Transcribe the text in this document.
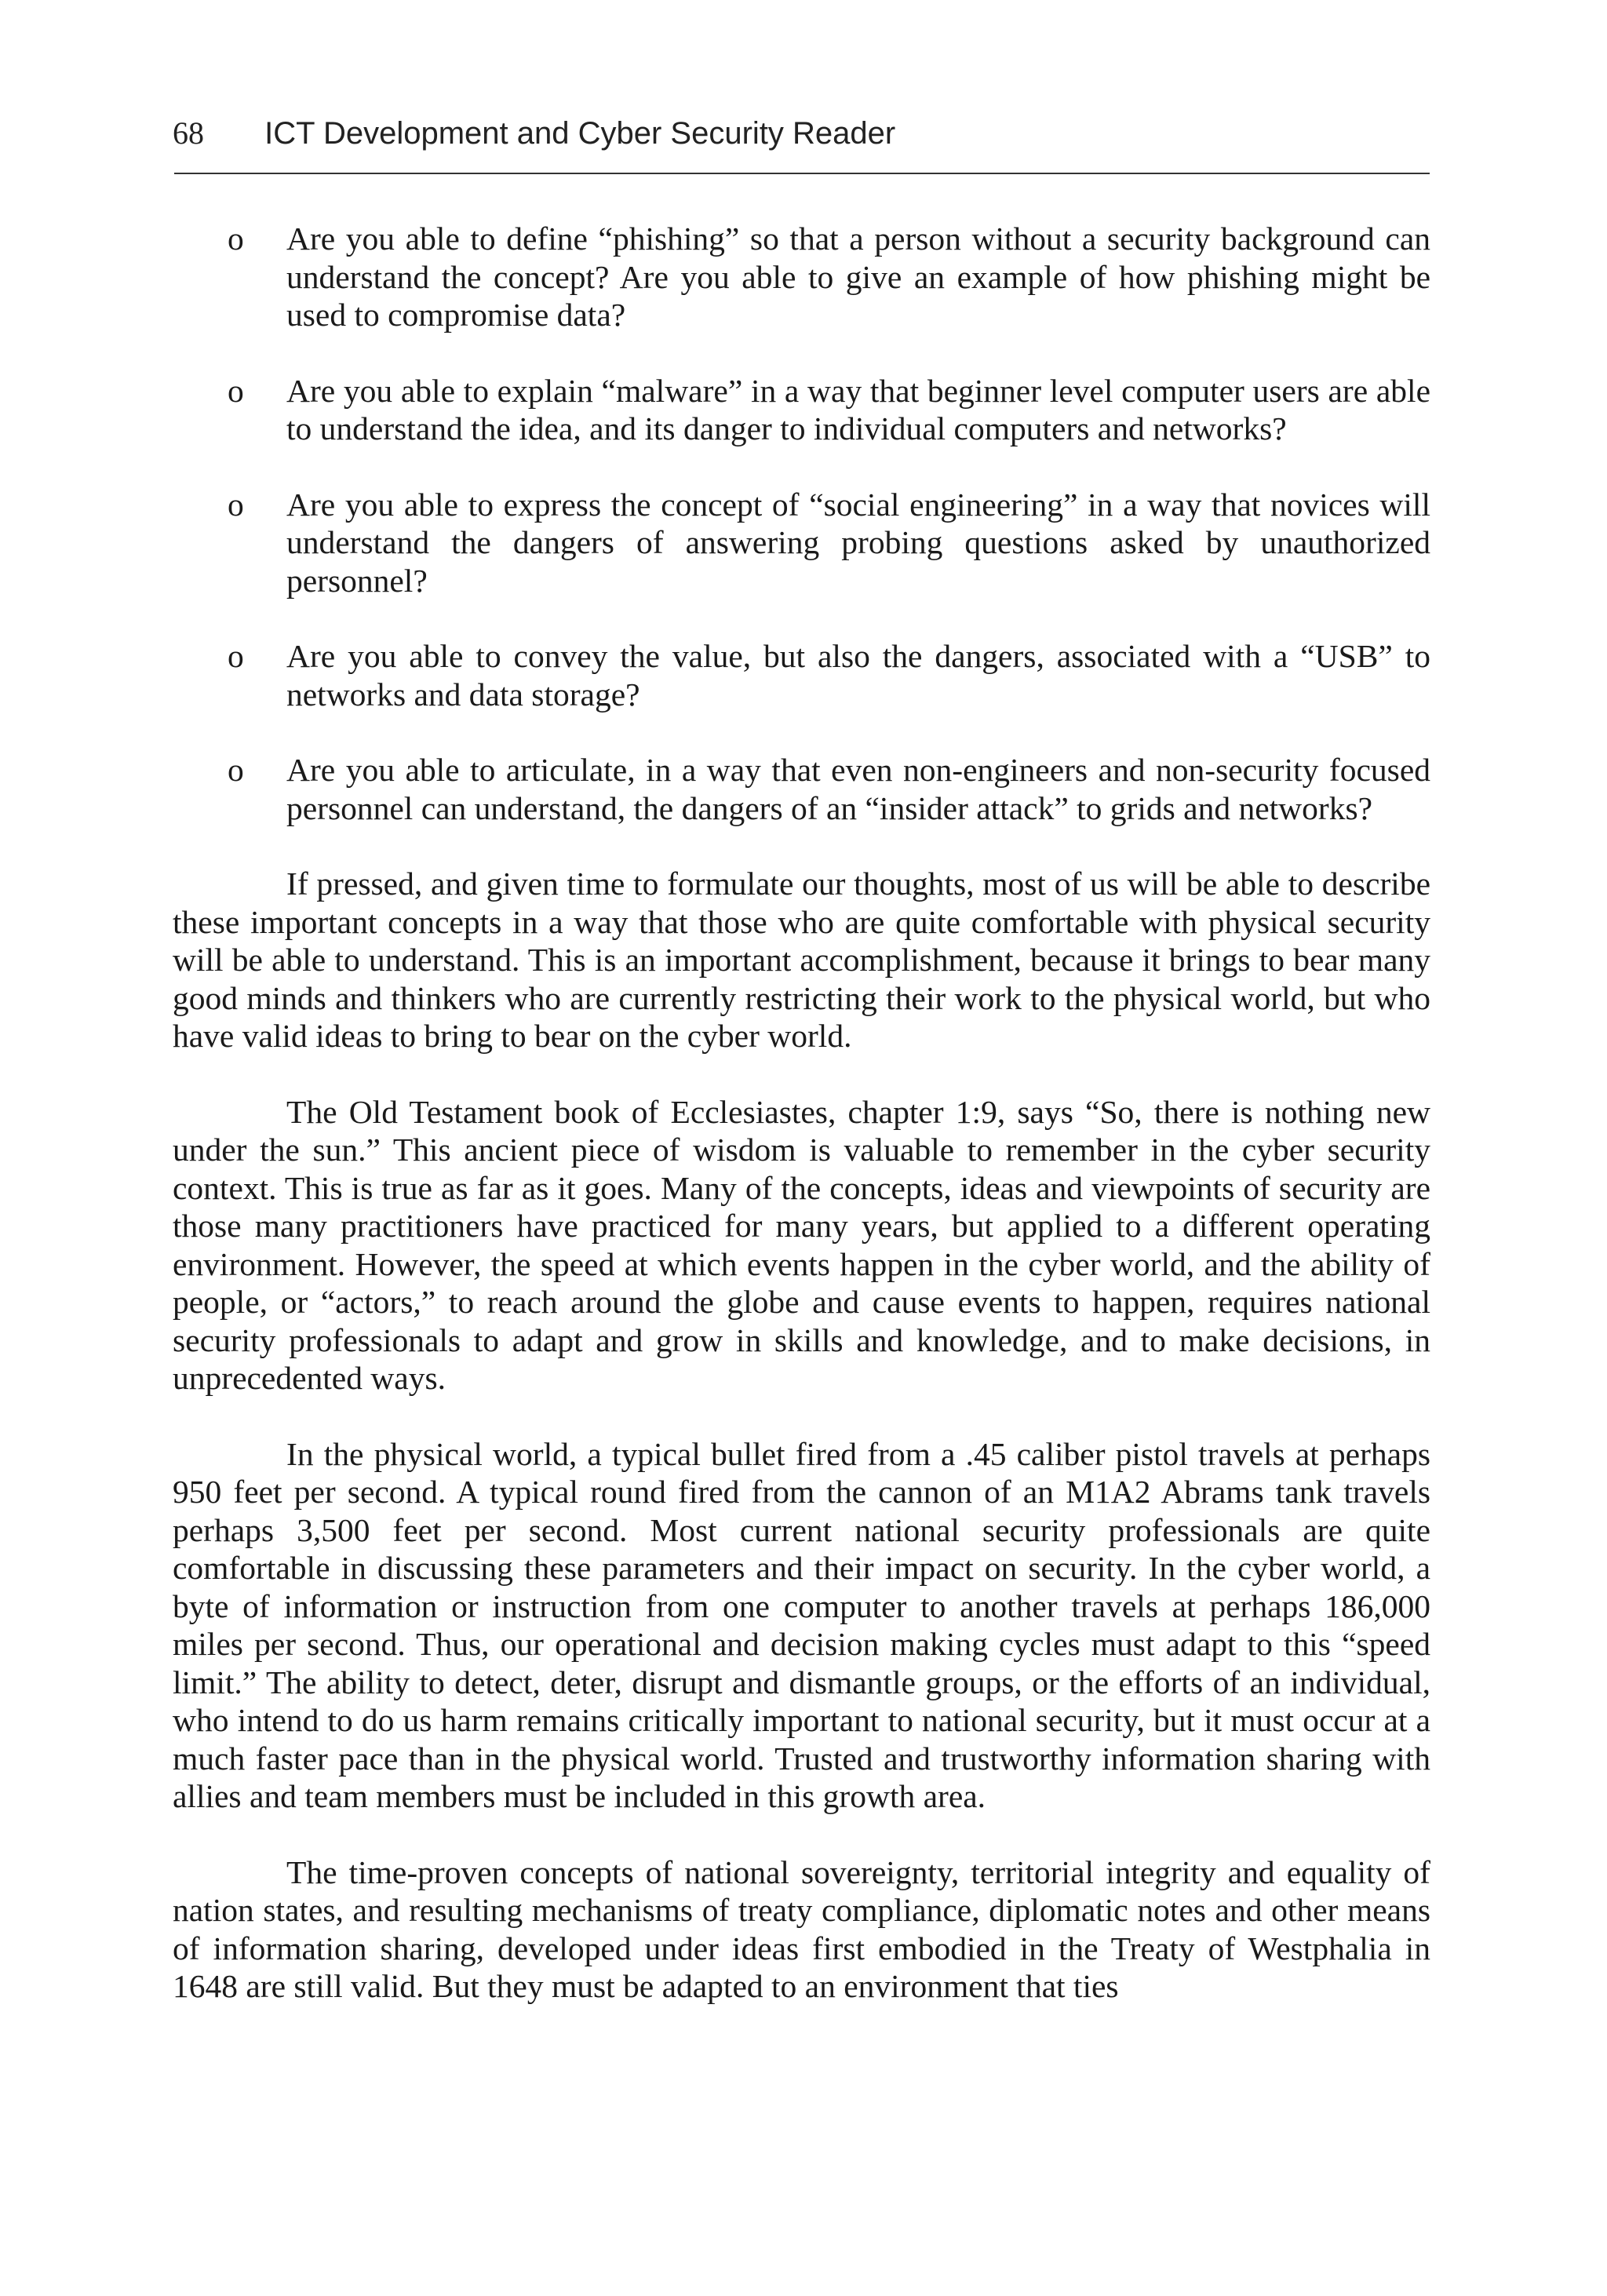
68 ICT Development and Cyber Security Reader
o Are you able to define “phishing” so that a person without a security background can understand the concept? Are you able to give an example of how phishing might be used to compromise data?
o Are you able to explain “malware” in a way that beginner level computer users are able to understand the idea, and its danger to individual computers and networks?
o Are you able to express the concept of “social engineering” in a way that novices will understand the dangers of answering probing questions asked by unauthorized personnel?
o Are you able to convey the value, but also the dangers, associated with a “USB” to networks and data storage?
o Are you able to articulate, in a way that even non-engineers and non-security focused personnel can understand, the dangers of an “insider attack” to grids and networks?

If pressed, and given time to formulate our thoughts, most of us will be able to describe these important concepts in a way that those who are quite comfortable with physical security will be able to understand. This is an important accomplishment, because it brings to bear many good minds and thinkers who are currently restricting their work to the physical world, but who have valid ideas to bring to bear on the cyber world.

The Old Testament book of Ecclesiastes, chapter 1:9, says “So, there is nothing new under the sun.” This ancient piece of wisdom is valuable to remember in the cyber security context. This is true as far as it goes. Many of the concepts, ideas and viewpoints of security are those many practitioners have practiced for many years, but applied to a different operating environment. However, the speed at which events happen in the cyber world, and the ability of people, or “actors,” to reach around the globe and cause events to happen, requires national security professionals to adapt and grow in skills and knowledge, and to make decisions, in unprecedented ways.

In the physical world, a typical bullet fired from a .45 caliber pistol travels at perhaps 950 feet per second. A typical round fired from the cannon of an M1A2 Abrams tank travels perhaps 3,500 feet per second. Most current national security professionals are quite comfortable in discussing these parameters and their impact on security. In the cyber world, a byte of information or instruction from one computer to another travels at perhaps 186,000 miles per second. Thus, our operational and decision making cycles must adapt to this “speed limit.” The ability to detect, deter, disrupt and dismantle groups, or the efforts of an individual, who intend to do us harm remains critically important to national security, but it must occur at a much faster pace than in the physical world. Trusted and trustworthy information sharing with allies and team members must be included in this growth area.

The time-proven concepts of national sovereignty, territorial integrity and equality of nation states, and resulting mechanisms of treaty compliance, diplomatic notes and other means of information sharing, developed under ideas first embodied in the Treaty of Westphalia in 1648 are still valid. But they must be adapted to an environment that ties
